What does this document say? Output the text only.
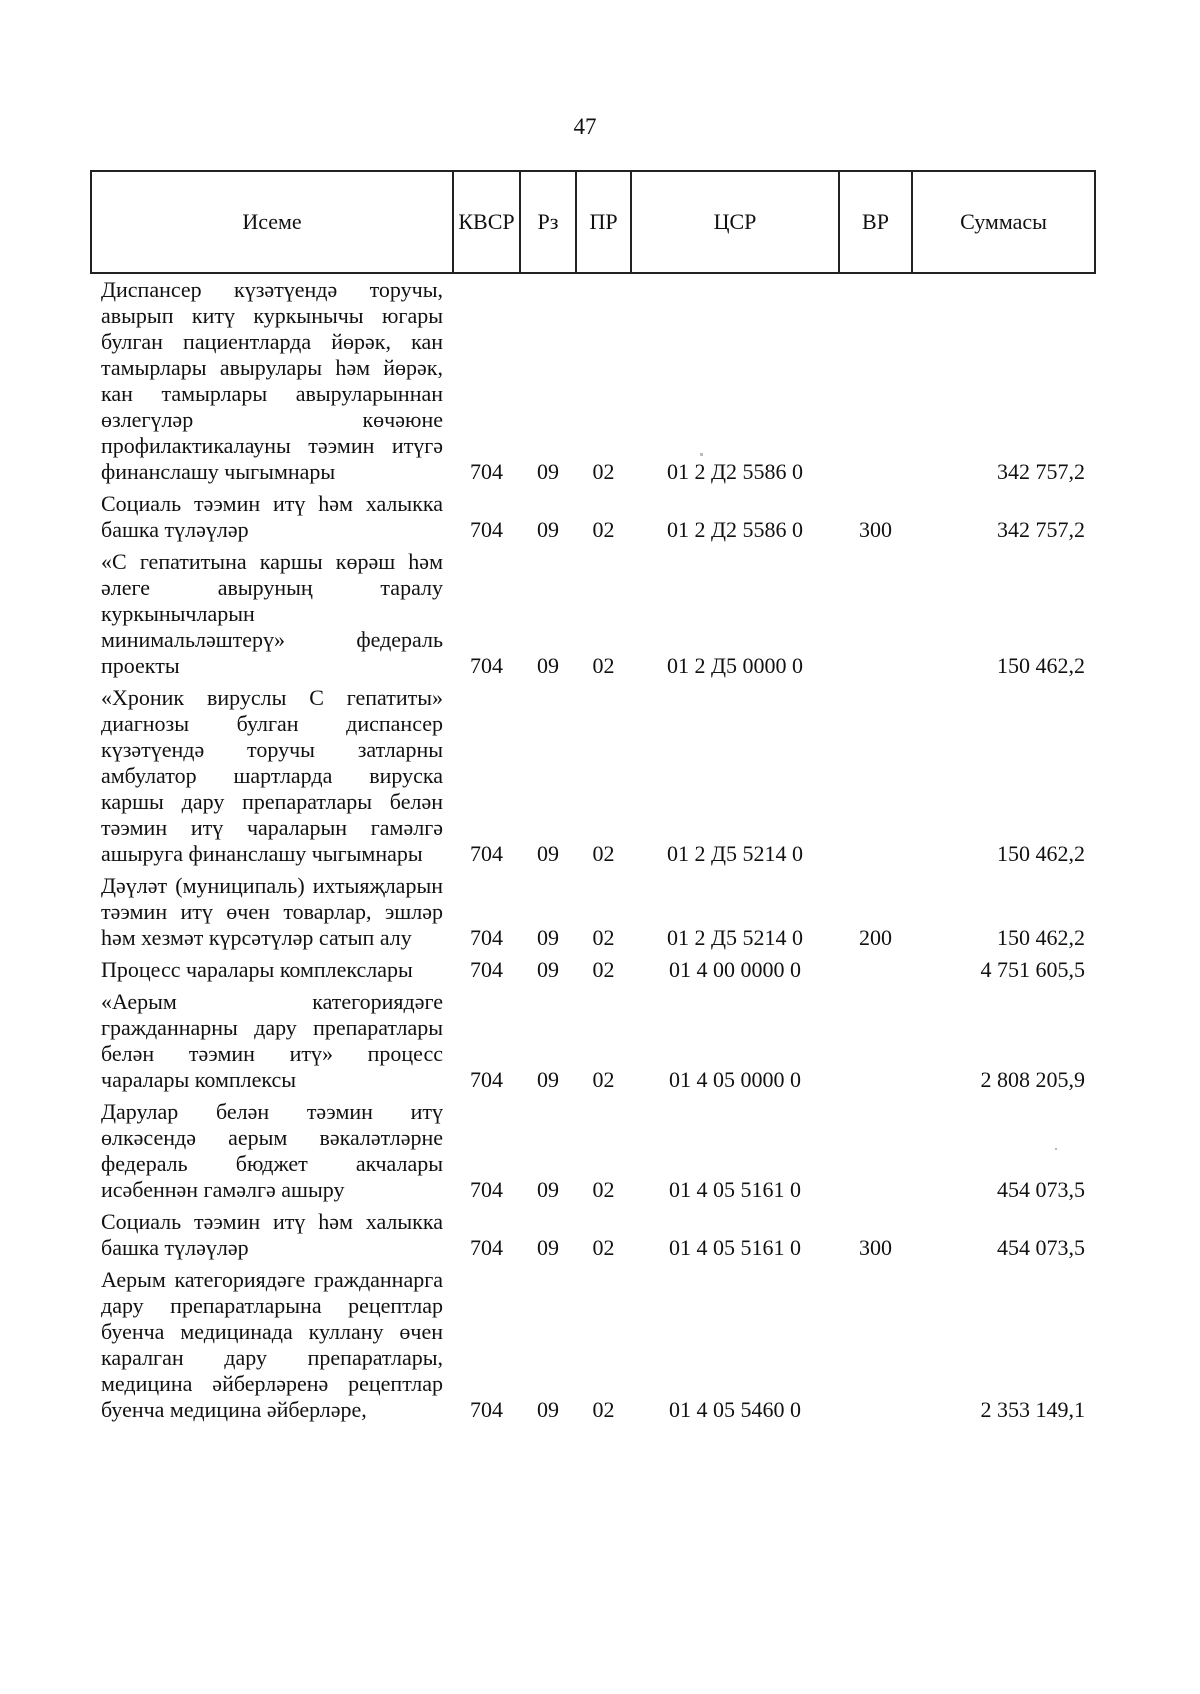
47
Исеме	КВСР	Рз	ПР	ЦСР	ВР	Суммасы
Диспансер күзәтүендә торучы, авырып китү куркынычы югары булган пациентларда йөрәк, кан тамырлары авырулары һәм йөрәк, кан тамырлары авыруларыннан өзлегүләр көчәюне профилактикалауны тәэмин итүгә финанслашу чыгымнары	704	09	02	01 2 Д2 5586 0		342 757,2
Социаль тәэмин итү һәм халыкка башка түләүләр	704	09	02	01 2 Д2 5586 0	300	342 757,2
«С гепатитына каршы көрәш һәм әлеге авыруның таралу куркынычларын минимальләштерү» федераль проекты	704	09	02	01 2 Д5 0000 0		150 462,2
«Хроник вируслы С гепатиты» диагнозы булган диспансер күзәтүендә торучы затларны амбулатор шартларда вируска каршы дару препаратлары белән тәэмин итү чараларын гамәлгә ашыруга финанслашу чыгымнары	704	09	02	01 2 Д5 5214 0		150 462,2
Дәүләт (муниципаль) ихтыяҗларын тәэмин итү өчен товарлар, эшләр һәм хезмәт күрсәтүләр сатып алу	704	09	02	01 2 Д5 5214 0	200	150 462,2
Процесс чаралары комплекслары	704	09	02	01 4 00 0000 0		4 751 605,5
«Аерым категориядәге гражданнарны дару препаратлары белән тәэмин итү» процесс чаралары комплексы	704	09	02	01 4 05 0000 0		2 808 205,9
Дарулар белән тәэмин итү өлкәсендә аерым вәкаләтләрне федераль бюджет акчалары исәбеннән гамәлгә ашыру	704	09	02	01 4 05 5161 0		454 073,5
Социаль тәэмин итү һәм халыкка башка түләүләр	704	09	02	01 4 05 5161 0	300	454 073,5
Аерым категориядәге гражданнарга дару препаратларына рецептлар буенча медицинада куллану өчен каралган дару препаратлары, медицина әйберләренә рецептлар буенча медицина әйберләре,	704	09	02	01 4 05 5460 0		2 353 149,1
